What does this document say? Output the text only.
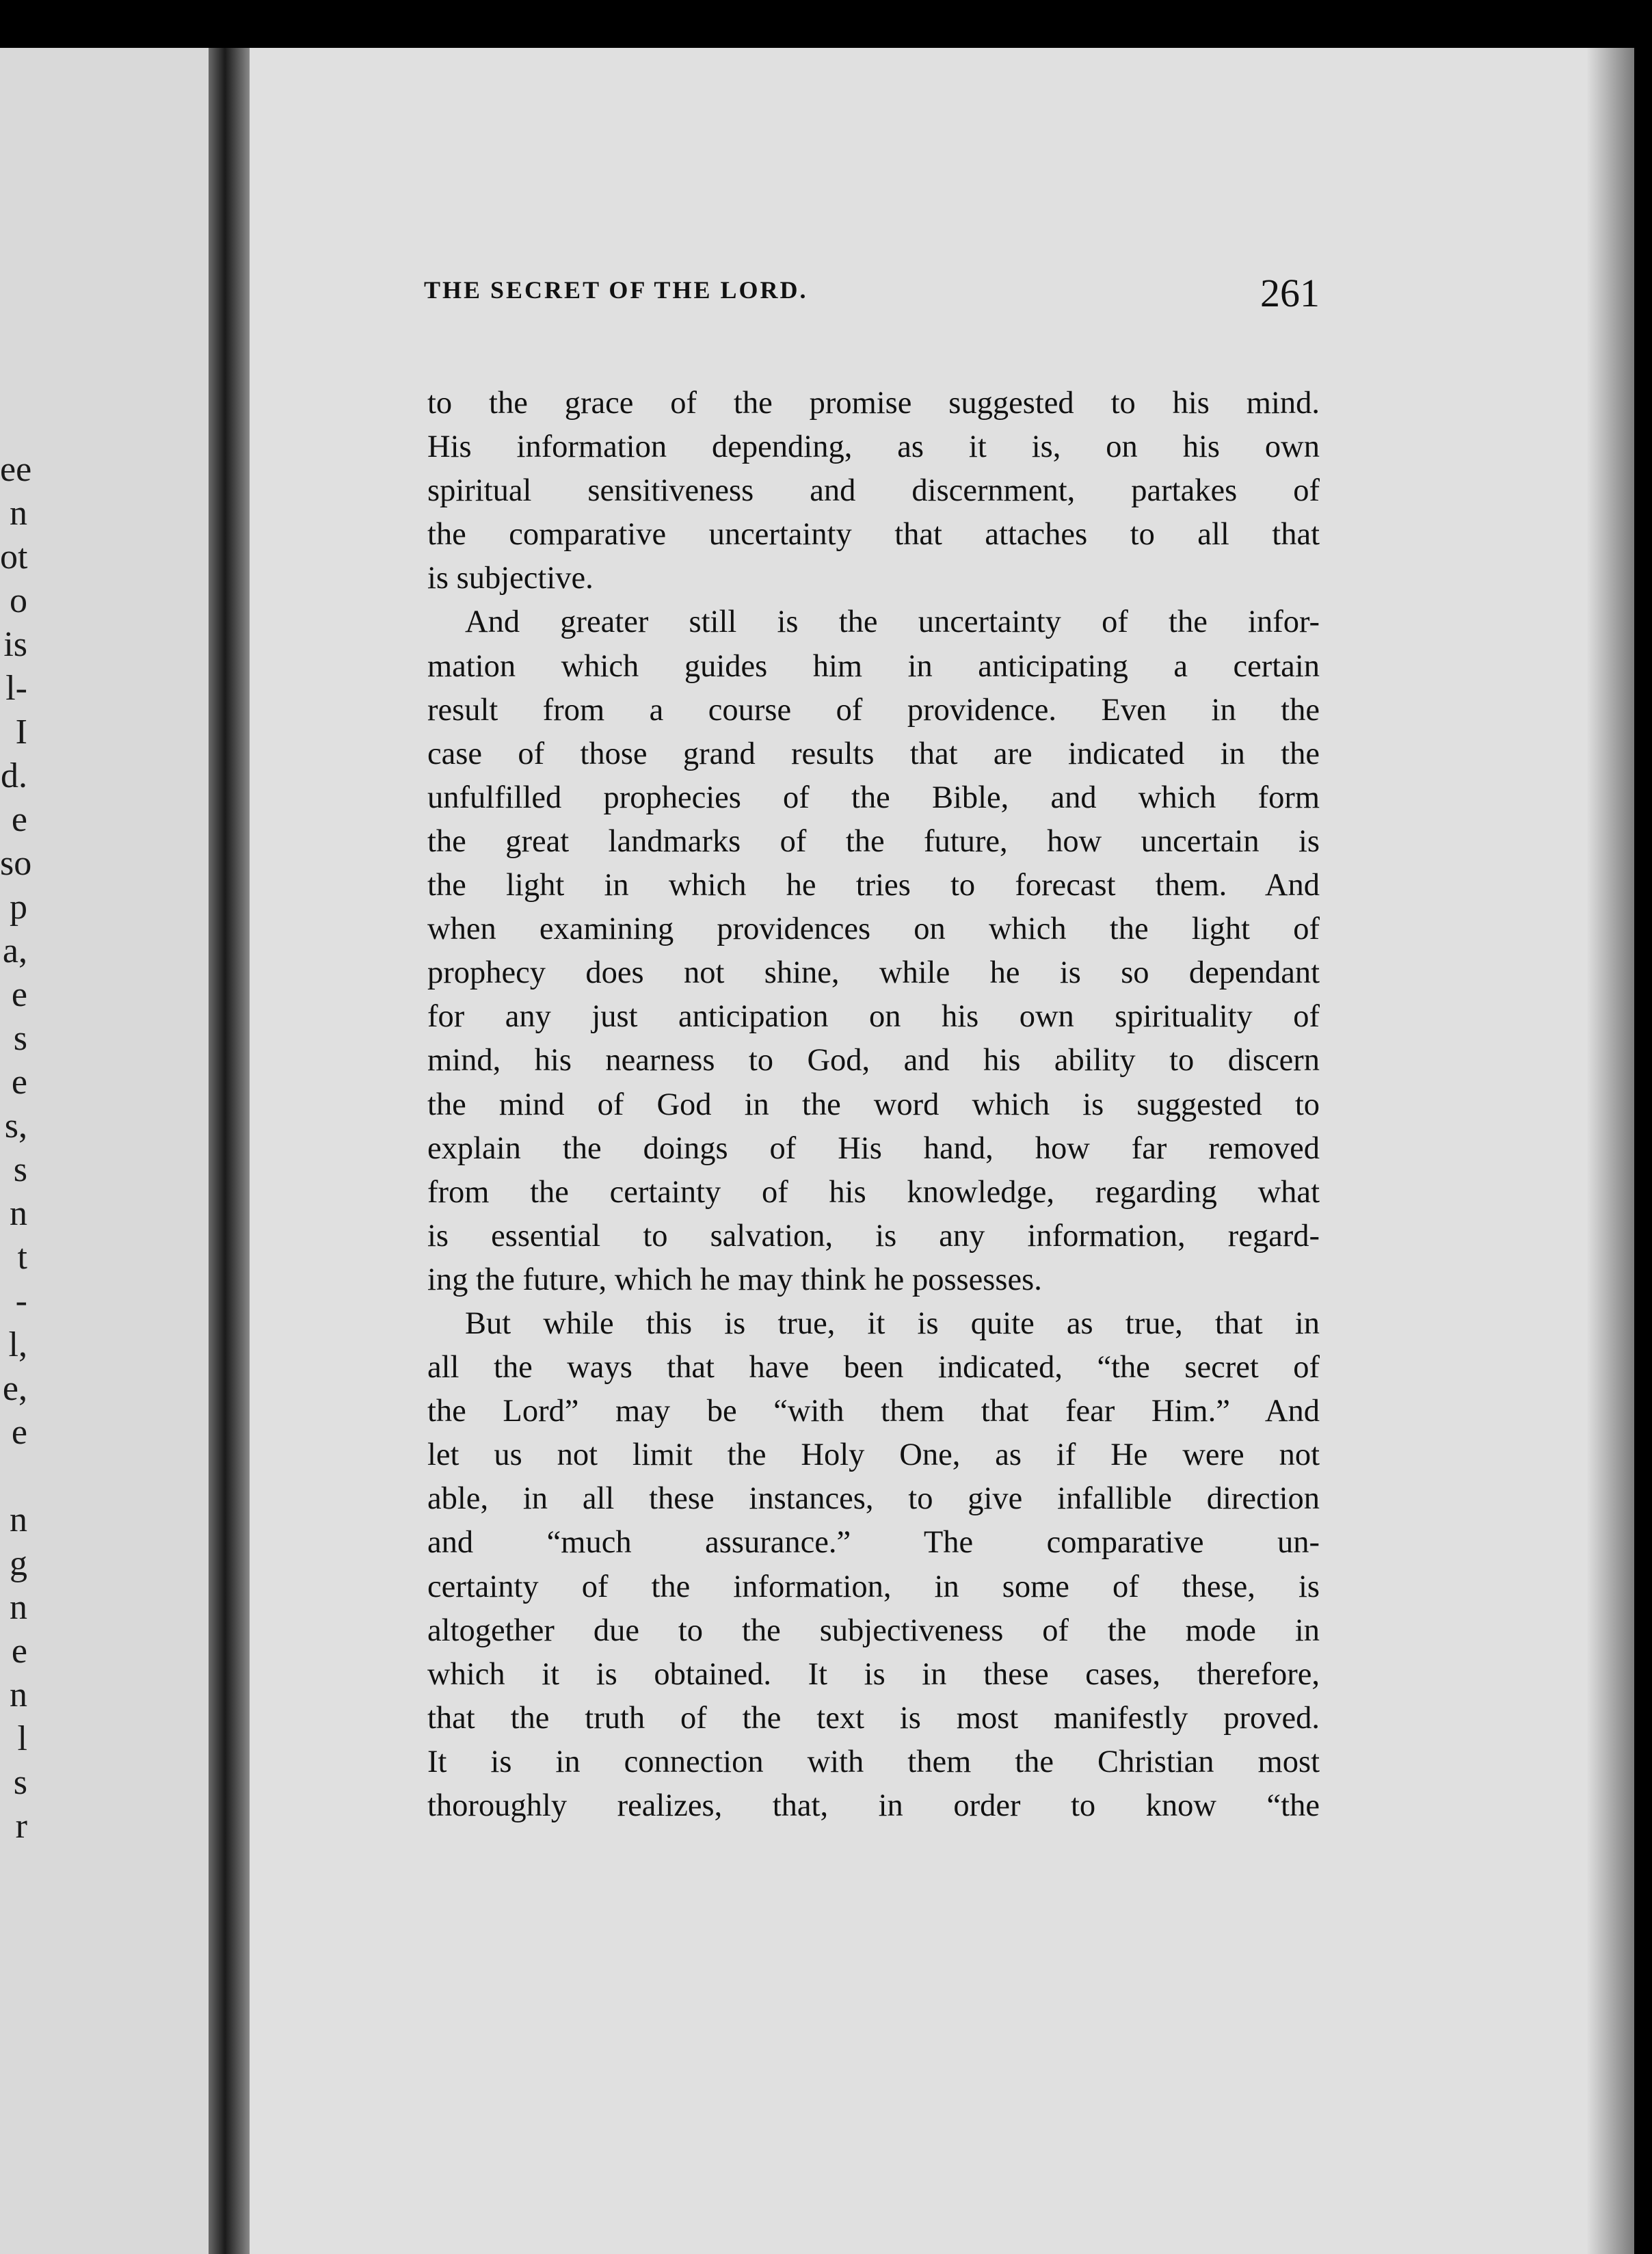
ee
n
ot
o
is
l-
I
d.
e
so
p
a,
e
s
e
s,
s
n
t
-
l,
e,
e
n
g
n
e
n
l
s
r
THE SECRET OF THE LORD.	261
to the grace of the promise suggested to his mind.
His information depending, as it is, on his own
spiritual sensitiveness and discernment, partakes of
the comparative uncertainty that attaches to all that
is subjective.
And greater still is the uncertainty of the infor-
mation which guides him in anticipating a certain
result from a course of providence. Even in the
case of those grand results that are indicated in the
unfulfilled prophecies of the Bible, and which form
the great landmarks of the future, how uncertain is
the light in which he tries to forecast them. And
when examining providences on which the light of
prophecy does not shine, while he is so dependant
for any just anticipation on his own spirituality of
mind, his nearness to God, and his ability to discern
the mind of God in the word which is suggested to
explain the doings of His hand, how far removed
from the certainty of his knowledge, regarding what
is essential to salvation, is any information, regard-
ing the future, which he may think he possesses.
But while this is true, it is quite as true, that in
all the ways that have been indicated, “the secret of
the Lord” may be “with them that fear Him.” And
let us not limit the Holy One, as if He were not
able, in all these instances, to give infallible direction
and “much assurance.” The comparative un-
certainty of the information, in some of these, is
altogether due to the subjectiveness of the mode in
which it is obtained. It is in these cases, therefore,
that the truth of the text is most manifestly proved.
It is in connection with them the Christian most
thoroughly realizes, that, in order to know “the
